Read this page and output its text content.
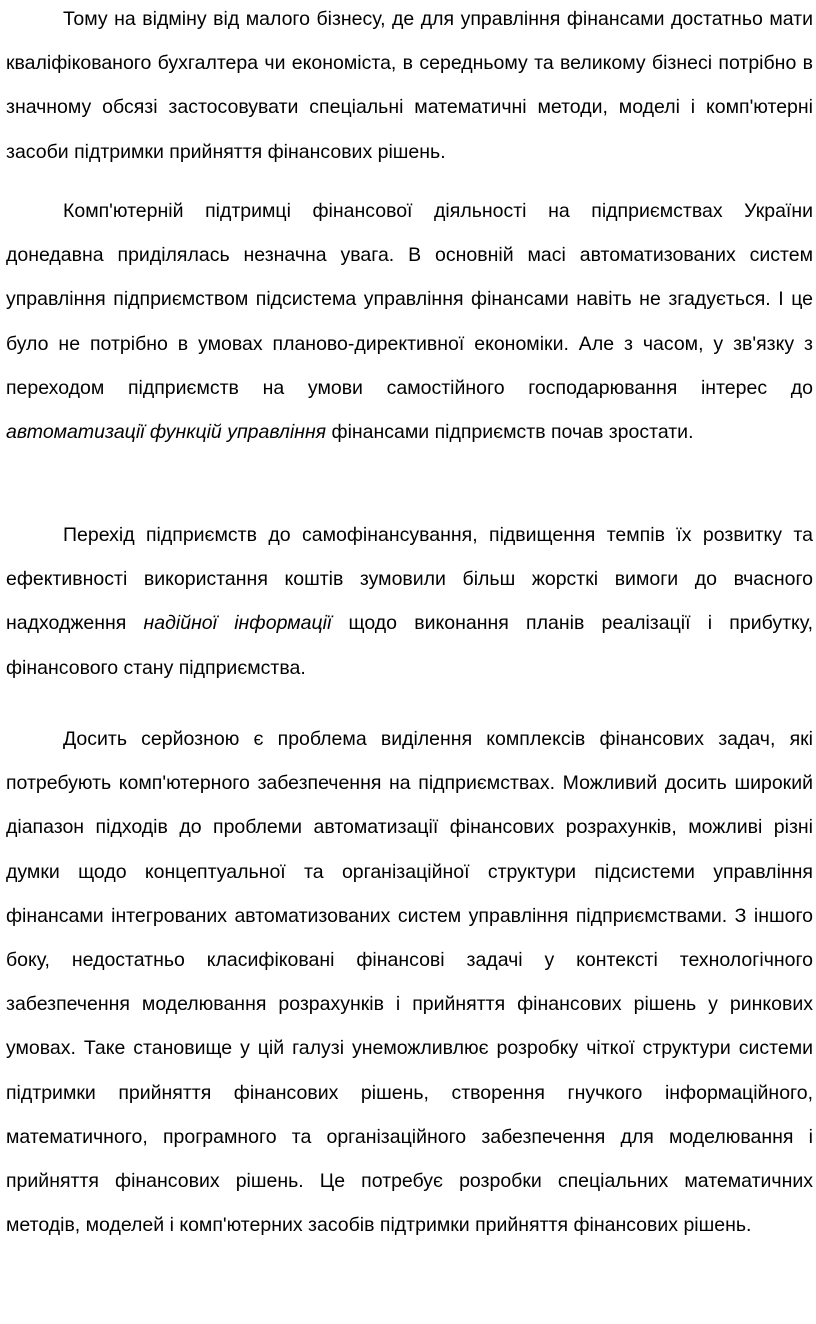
Тому на відміну від малого бізнесу, де для управління фінансами достатньо мати кваліфікованого бухгалтера чи економіста, в середньому та великому бізнесі потрібно в значному обсязі застосовувати спеціальні математичні методи, моделі і комп'ютерні засоби підтримки прийняття фінансових рішень.

Комп'ютерній підтримці фінансової діяльності на підприємствах України донедавна приділялась незначна увага. В основній масі автоматизованих систем управління підприємством підсистема управління фінансами навіть не згадується. І це було не потрібно в умовах планово-директивної економіки. Але з часом, у зв'язку з переходом підприємств на умови самостійного господарювання інтерес до автоматизації функцій управління фінансами підприємств почав зростати.

Перехід підприємств до самофінансування, підвищення темпів їх розвитку та ефективності використання коштів зумовили більш жорсткі вимоги до вчасного надходження надійної інформації щодо виконання планів реалізації і прибутку, фінансового стану підприємства.

Досить серйозною є проблема виділення комплексів фінансових задач, які потребують комп'ютерного забезпечення на підприємствах. Можливий досить широкий діапазон підходів до проблеми автоматизації фінансових розрахунків, можливі різні думки щодо концептуальної та організаційної структури підсистеми управління фінансами інтегрованих автоматизованих систем управління підприємствами. З іншого боку, недостатньо класифіковані фінансові задачі у контексті технологічного забезпечення моделювання розрахунків і прийняття фінансових рішень у ринкових умовах. Таке становище у цій галузі унеможливлює розробку чіткої структури системи підтримки прийняття фінансових рішень, створення гнучкого інформаційного, математичного, програмного та організаційного забезпечення для моделювання і прийняття фінансових рішень. Це потребує розробки спеціальних математичних методів, моделей і комп'ютерних засобів підтримки прийняття фінансових рішень.
